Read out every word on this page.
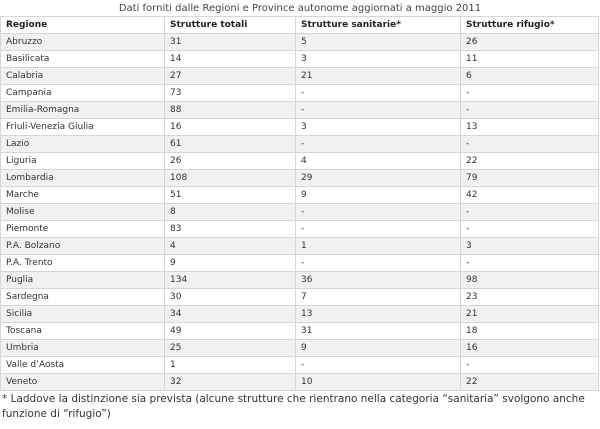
Dati forniti dalle Regioni e Province autonome aggiornati a maggio 2011
Regione	Strutture totali	Strutture sanitarie*	Strutture rifugio*
Abruzzo	31	5	26
Basilicata	14	3	11
Calabria	27	21	6
Campania	73	-	-
Emilia-Romagna	88	-	-
Friuli-Venezia Giulia	16	3	13
Lazio	61	-	-
Liguria	26	4	22
Lombardia	108	29	79
Marche	51	9	42
Molise	8	-	-
Piemonte	83	-	-
P.A. Bolzano	4	1	3
P.A. Trento	9	-	-
Puglia	134	36	98
Sardegna	30	7	23
Sicilia	34	13	21
Toscana	49	31	18
Umbria	25	9	16
Valle d’Aosta	1	-	-
Veneto	32	10	22
* Laddove la distinzione sia prevista (alcune strutture che rientrano nella categoria “sanitaria” svolgono anche funzione di “rifugio”)
